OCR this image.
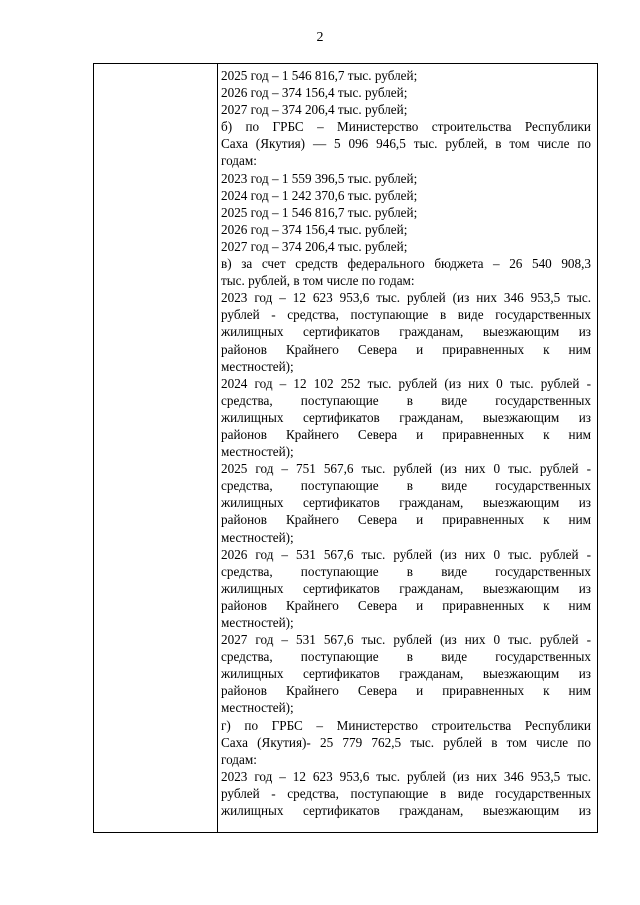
2
2025 год – 1 546 816,7 тыс. рублей;
2026 год – 374 156,4 тыс. рублей;
2027 год – 374 206,4 тыс. рублей;
б) по ГРБС – Министерство строительства Республики
Саха (Якутия) — 5 096 946,5 тыс. рублей, в том числе по
годам:
2023 год – 1 559 396,5 тыс. рублей;
2024 год – 1 242 370,6 тыс. рублей;
2025 год – 1 546 816,7 тыс. рублей;
2026 год – 374 156,4 тыс. рублей;
2027 год – 374 206,4 тыс. рублей;
в) за счет средств федерального бюджета – 26 540 908,3
тыс. рублей, в том числе по годам:
2023 год – 12 623 953,6 тыс. рублей (из них 346 953,5 тыс.
рублей - средства, поступающие в виде государственных
жилищных сертификатов гражданам, выезжающим из
районов Крайнего Севера и приравненных к ним
местностей);
2024 год – 12 102 252 тыс. рублей (из них 0 тыс. рублей -
средства, поступающие в виде государственных
жилищных сертификатов гражданам, выезжающим из
районов Крайнего Севера и приравненных к ним
местностей);
2025 год – 751 567,6 тыс. рублей (из них 0 тыс. рублей -
средства, поступающие в виде государственных
жилищных сертификатов гражданам, выезжающим из
районов Крайнего Севера и приравненных к ним
местностей);
2026 год – 531 567,6 тыс. рублей (из них 0 тыс. рублей -
средства, поступающие в виде государственных
жилищных сертификатов гражданам, выезжающим из
районов Крайнего Севера и приравненных к ним
местностей);
2027 год – 531 567,6 тыс. рублей (из них 0 тыс. рублей -
средства, поступающие в виде государственных
жилищных сертификатов гражданам, выезжающим из
районов Крайнего Севера и приравненных к ним
местностей);
г) по ГРБС – Министерство строительства Республики
Саха (Якутия)- 25 779 762,5 тыс. рублей в том числе по
годам:
2023 год – 12 623 953,6 тыс. рублей (из них 346 953,5 тыс.
рублей - средства, поступающие в виде государственных
жилищных сертификатов гражданам, выезжающим из
